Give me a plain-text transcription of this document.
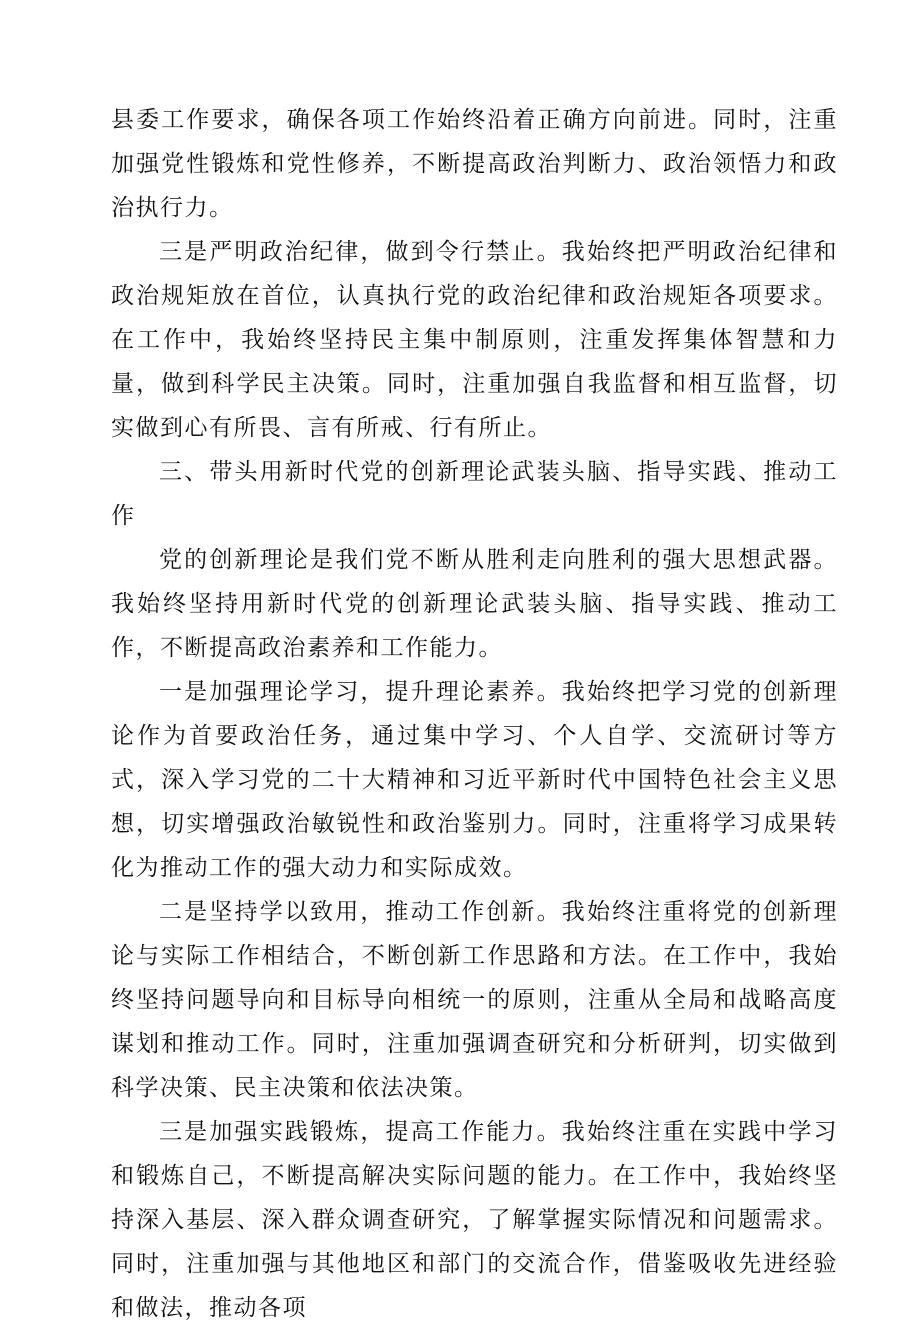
县委工作要求，确保各项工作始终沿着正确方向前进。同时，注重加强党性锻炼和党性修养，不断提高政治判断力、政治领悟力和政治执行力。

三是严明政治纪律，做到令行禁止。我始终把严明政治纪律和政治规矩放在首位，认真执行党的政治纪律和政治规矩各项要求。在工作中，我始终坚持民主集中制原则，注重发挥集体智慧和力量，做到科学民主决策。同时，注重加强自我监督和相互监督，切实做到心有所畏、言有所戒、行有所止。

三、带头用新时代党的创新理论武装头脑、指导实践、推动工作

党的创新理论是我们党不断从胜利走向胜利的强大思想武器。我始终坚持用新时代党的创新理论武装头脑、指导实践、推动工作，不断提高政治素养和工作能力。

一是加强理论学习，提升理论素养。我始终把学习党的创新理论作为首要政治任务，通过集中学习、个人自学、交流研讨等方式，深入学习党的二十大精神和习近平新时代中国特色社会主义思想，切实增强政治敏锐性和政治鉴别力。同时，注重将学习成果转化为推动工作的强大动力和实际成效。

二是坚持学以致用，推动工作创新。我始终注重将党的创新理论与实际工作相结合，不断创新工作思路和方法。在工作中，我始终坚持问题导向和目标导向相统一的原则，注重从全局和战略高度谋划和推动工作。同时，注重加强调查研究和分析研判，切实做到科学决策、民主决策和依法决策。

三是加强实践锻炼，提高工作能力。我始终注重在实践中学习和锻炼自己，不断提高解决实际问题的能力。在工作中，我始终坚持深入基层、深入群众调查研究，了解掌握实际情况和问题需求。同时，注重加强与其他地区和部门的交流合作，借鉴吸收先进经验和做法，推动各项
